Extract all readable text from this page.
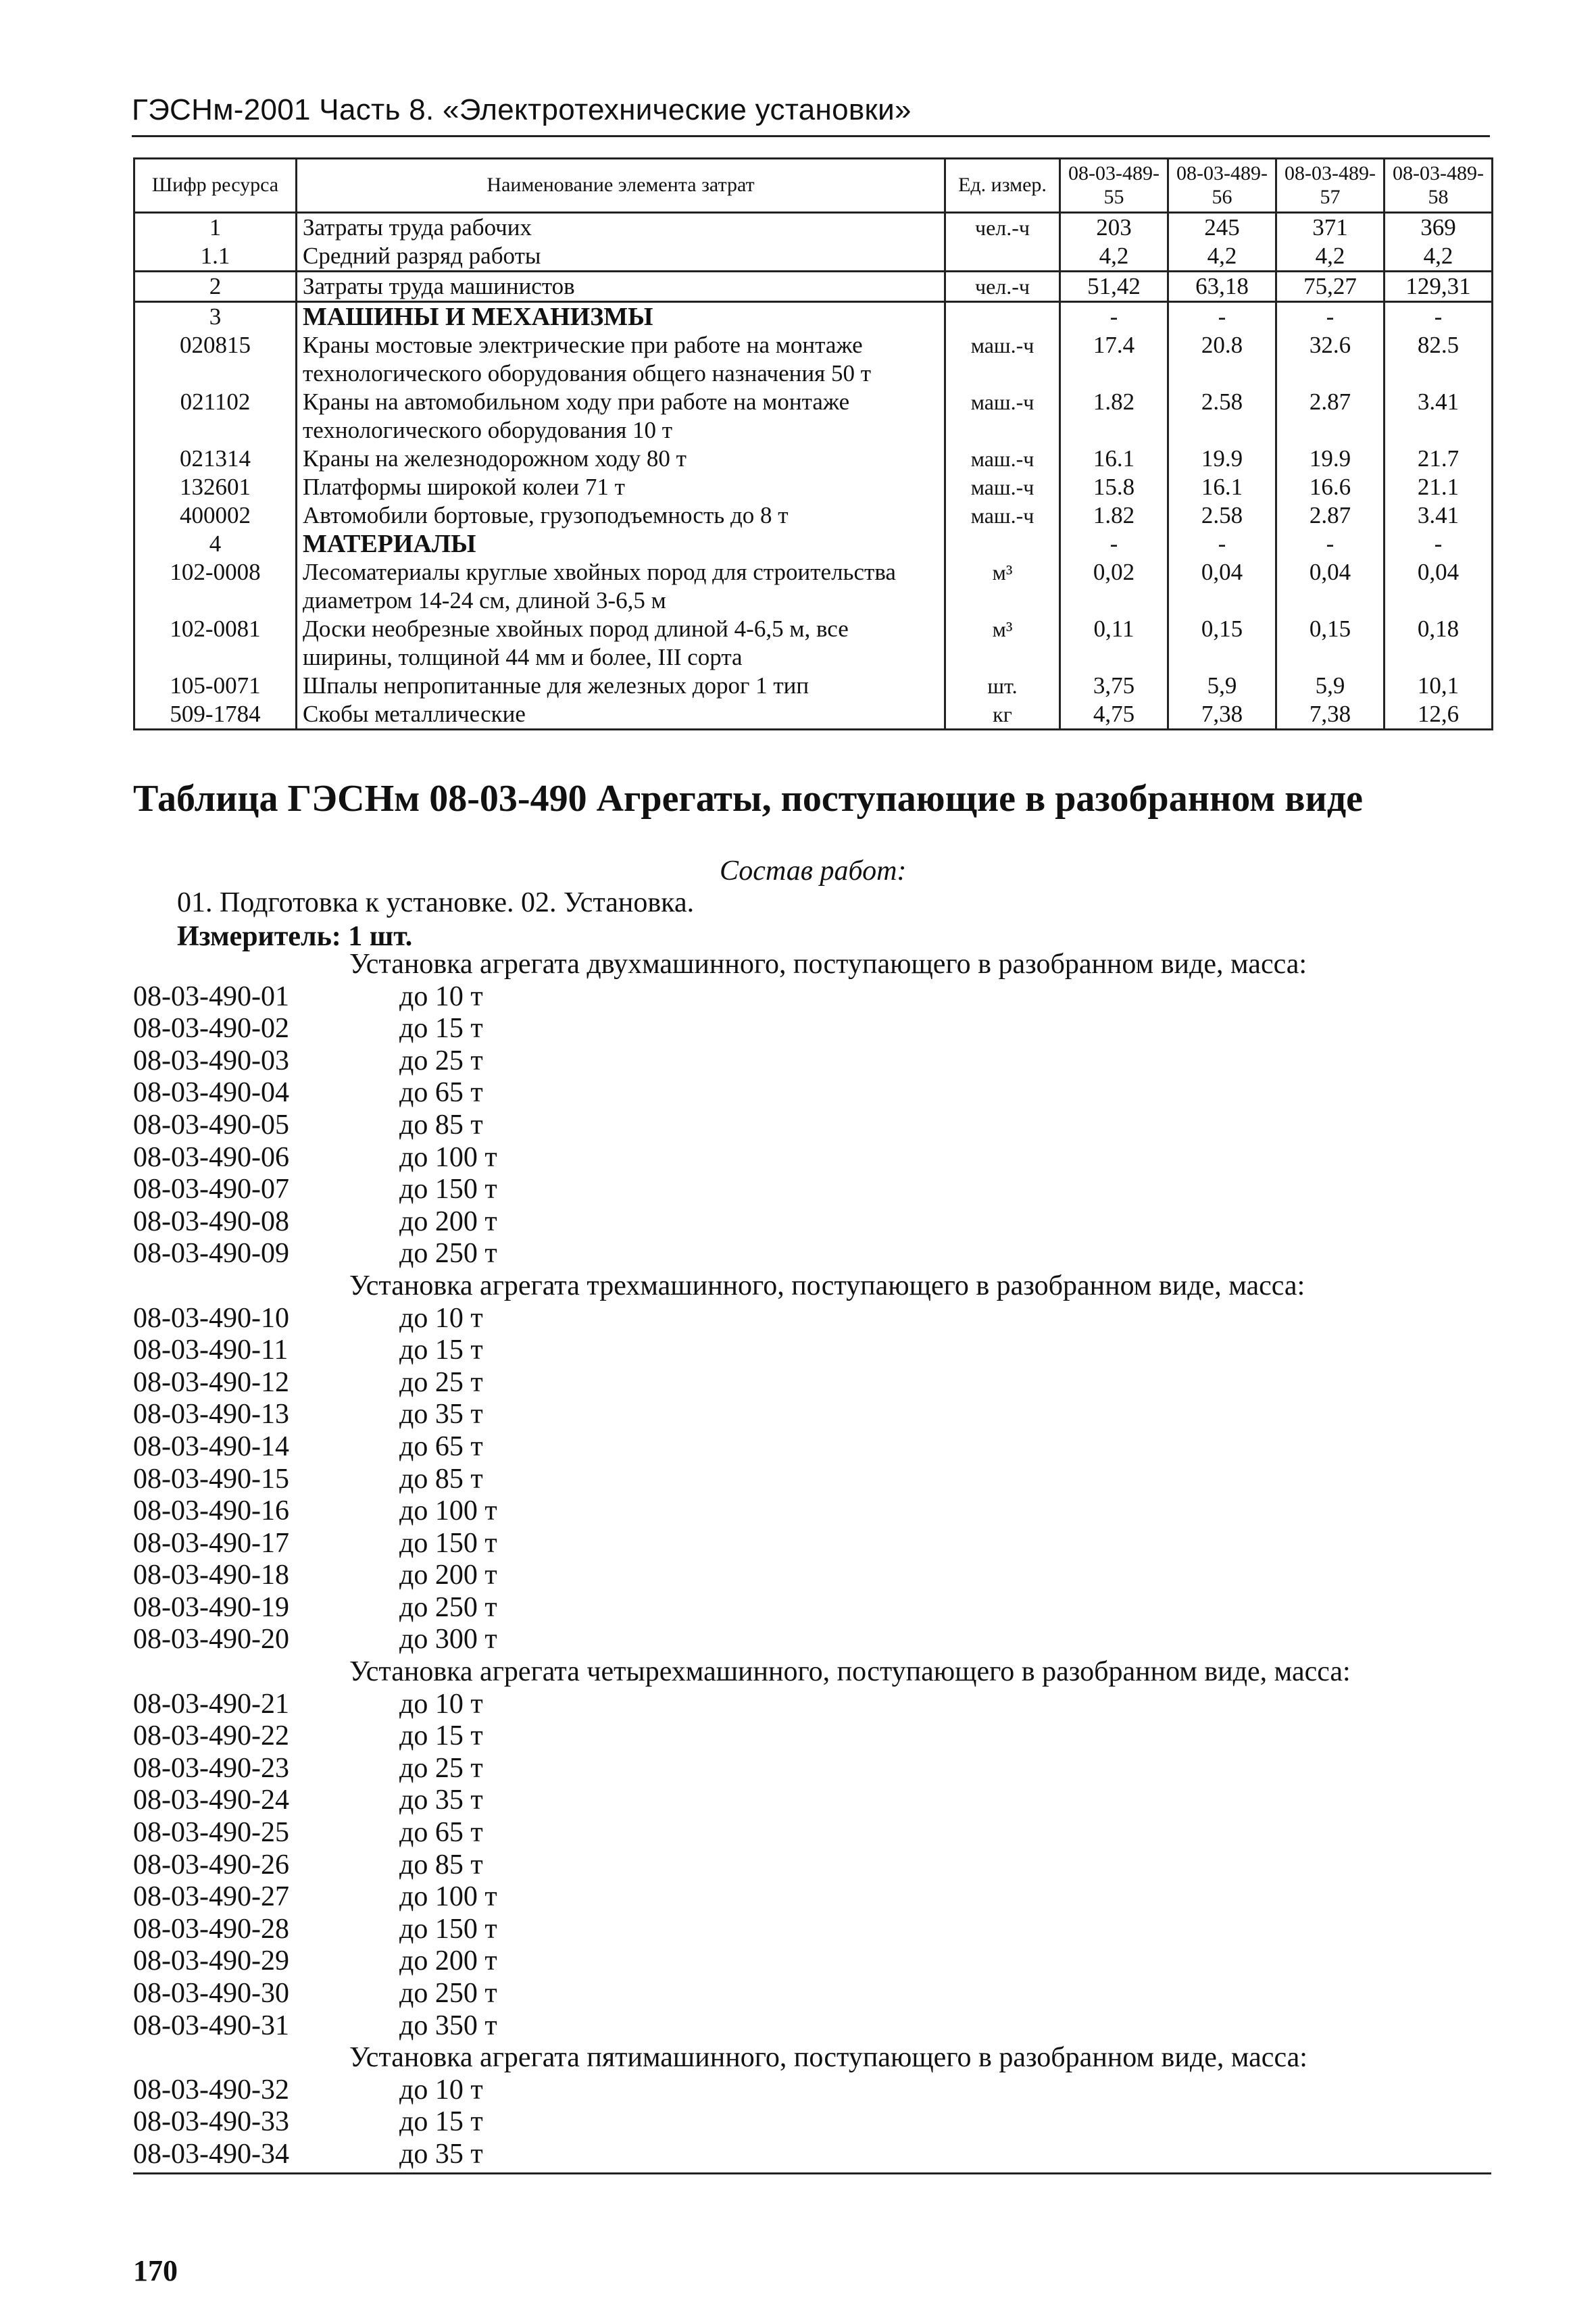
ГЭСНм-2001 Часть 8. «Электротехнические установки»
Шифр ресурса	Наименование элемента затрат	Ед. измер.	08-03-489-55	08-03-489-56	08-03-489-57	08-03-489-58
1	Затраты труда рабочих	чел.-ч	203	245	371	369
1.1	Средний разряд работы		4,2	4,2	4,2	4,2
2	Затраты труда машинистов	чел.-ч	51,42	63,18	75,27	129,31
3	МАШИНЫ И МЕХАНИЗМЫ		-	-	-	-
020815	Краны мостовые электрические при работе на монтаже технологического оборудования общего назначения 50 т	маш.-ч	17.4	20.8	32.6	82.5
021102	Краны на автомобильном ходу при работе на монтаже технологического оборудования 10 т	маш.-ч	1.82	2.58	2.87	3.41
021314	Краны на железнодорожном ходу 80 т	маш.-ч	16.1	19.9	19.9	21.7
132601	Платформы широкой колеи 71 т	маш.-ч	15.8	16.1	16.6	21.1
400002	Автомобили бортовые, грузоподъемность до 8 т	маш.-ч	1.82	2.58	2.87	3.41
4	МАТЕРИАЛЫ		-	-	-	-
102-0008	Лесоматериалы круглые хвойных пород для строительства диаметром 14-24 см, длиной 3-6,5 м	м³	0,02	0,04	0,04	0,04
102-0081	Доски необрезные хвойных пород длиной 4-6,5 м, все ширины, толщиной 44 мм и более, III сорта	м³	0,11	0,15	0,15	0,18
105-0071	Шпалы непропитанные для железных дорог 1 тип	шт.	3,75	5,9	5,9	10,1
509-1784	Скобы металлические	кг	4,75	7,38	7,38	12,6
Таблица ГЭСНм 08-03-490 Агрегаты, поступающие в разобранном виде
Состав работ:
01. Подготовка к установке. 02. Установка.
Измеритель: 1 шт.
Установка агрегата двухмашинного, поступающего в разобранном виде, масса:
08-03-490-01	до 10 т
08-03-490-02	до 15 т
08-03-490-03	до 25 т
08-03-490-04	до 65 т
08-03-490-05	до 85 т
08-03-490-06	до 100 т
08-03-490-07	до 150 т
08-03-490-08	до 200 т
08-03-490-09	до 250 т
Установка агрегата трехмашинного, поступающего в разобранном виде, масса:
08-03-490-10	до 10 т
08-03-490-11	до 15 т
08-03-490-12	до 25 т
08-03-490-13	до 35 т
08-03-490-14	до 65 т
08-03-490-15	до 85 т
08-03-490-16	до 100 т
08-03-490-17	до 150 т
08-03-490-18	до 200 т
08-03-490-19	до 250 т
08-03-490-20	до 300 т
Установка агрегата четырехмашинного, поступающего в разобранном виде, масса:
08-03-490-21	до 10 т
08-03-490-22	до 15 т
08-03-490-23	до 25 т
08-03-490-24	до 35 т
08-03-490-25	до 65 т
08-03-490-26	до 85 т
08-03-490-27	до 100 т
08-03-490-28	до 150 т
08-03-490-29	до 200 т
08-03-490-30	до 250 т
08-03-490-31	до 350 т
Установка агрегата пятимашинного, поступающего в разобранном виде, масса:
08-03-490-32	до 10 т
08-03-490-33	до 15 т
08-03-490-34	до 35 т
170
